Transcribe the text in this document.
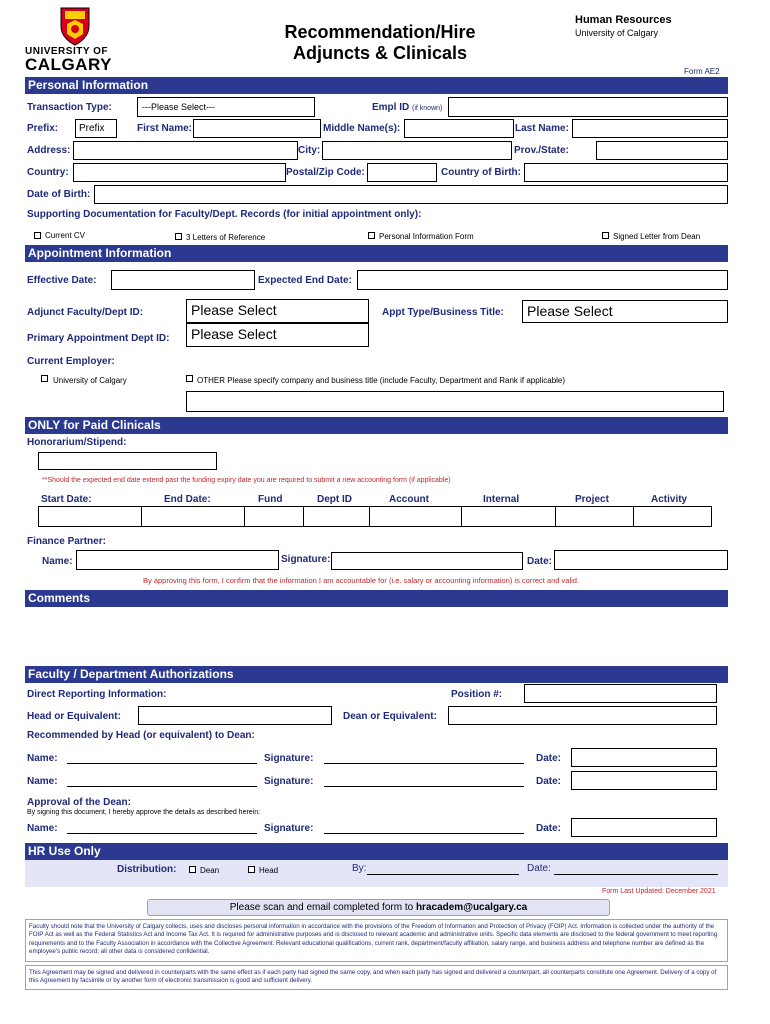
UNIVERSITY OF
CALGARY
Recommendation/Hire
Adjuncts & Clinicals
Human Resources
University of Calgary
Form AE2
Personal Information
Transaction Type:	---Please Select---	Empl ID (if known)
Prefix:	Prefix	First Name:	Middle Name(s):	Last Name:
Address:	City:	Prov./State:
Country:	Postal/Zip Code:	Country of Birth:
Date of Birth:
Supporting Documentation for Faculty/Dept. Records (for initial appointment only):
Current CV	3 Letters of Reference	Personal Information Form	Signed Letter from Dean
Appointment Information
Effective Date:	Expected End Date:
Adjunct Faculty/Dept ID:	Please Select	Appt Type/Business Title:	Please Select
Primary Appointment Dept ID:	Please Select
Current Employer:
University of Calgary	OTHER Please specify company and business title (include Faculty, Department and Rank if applicable)
ONLY for Paid Clinicals
Honorarium/Stipend:
**Should the expected end date extend past the funding expiry date you are required to submit a new accounting form (if applicable)
Start Date:	End Date:	Fund	Dept ID	Account	Internal	Project	Activity
Finance Partner:
Name:	Signature:	Date:
By approving this form, I confirm that the information I am accountable for (i.e. salary or accounting information) is correct and valid.
Comments
Faculty / Department Authorizations
Direct Reporting Information:	Position #:
Head or Equivalent:	Dean or Equivalent:
Recommended by Head (or equivalent) to Dean:
Name:	Signature:	Date:
Name:	Signature:	Date:
Approval of the Dean:
By signing this document, I hereby approve the details as described herein:
Name:	Signature:	Date:
HR Use Only
Distribution:	Dean	Head	By:	Date:
Form Last Updated: December 2021
Please scan and email completed form to hracadem@ucalgary.ca
Faculty should note that the University of Calgary collects, uses and discloses personal information in accordance with the provisions of the Freedom of Information and Protection of Privacy (FOIP) Act. Information is collected under the authority of the FOIP Act as well as the Federal Statistics Act and Income Tax Act. It is required for administrative purposes and is disclosed to relevant academic and administrative units. Specific data elements are disclosed to the federal government to meet reporting requirements and to the Faculty Association in accordance with the Collective Agreement. Relevant educational qualifications, current rank, department/faculty affiliation, salary range, and business address and telephone number are defined as the employee's public record; all other data is considered confidential.
This Agreement may be signed and delivered in counterparts with the same effect as if each party had signed the same copy, and when each party has signed and delivered a counterpart, all counterparts constitute one Agreement. Delivery of a copy of this Agreement by facsimile or by another form of electronic transmission is good and sufficient delivery.
